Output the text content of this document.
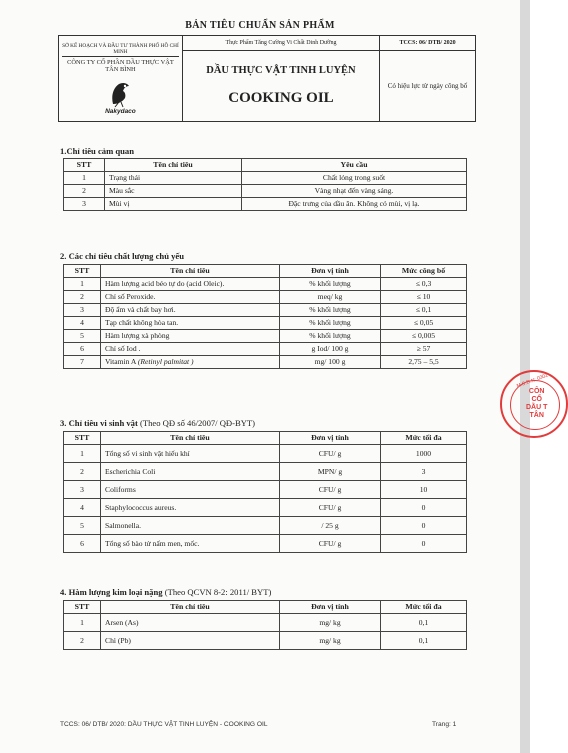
BẢN TIÊU CHUẨN SẢN PHẨM
SỞ KẾ HOẠCH VÀ ĐẦU TƯ THÀNH PHỐ HỒ CHÍ MINH
CÔNG TY CỔ PHẦN DẦU THỰC VẬT TÂN BÌNH
Nakydaco	Thực Phẩm Tăng Cường Vi Chất Dinh Dưỡng	TCCS: 06/ DTB/ 2020

	DẦU THỰC VẬT TINH LUYỆN
COOKING OIL	Có hiệu lực từ ngày công bố
1.Chỉ tiêu cảm quan
STT	Tên chỉ tiêu	Yêu cầu
1	Trạng thái	Chất lỏng trong suốt
2	Màu sắc	Vàng nhạt đến vàng sáng.
3	Mùi vị	Đặc trưng của dầu ăn. Không có mùi, vị lạ.
2. Các chỉ tiêu chất lượng chủ yếu
STT	Tên chỉ tiêu	Đơn vị tính	Mức công bố
1	Hàm lượng acid béo tự do (acid Oleic).	% khối lượng	≤ 0,3
2	Chỉ số Peroxide.	meq/ kg	≤ 10
3	Độ ẩm và chất bay hơi.	% khối lượng	≤ 0,1
4	Tạp chất không hòa tan.	% khối lượng	≤ 0,05
5	Hàm lượng xà phòng	% khối lượng	≤ 0,005
6	Chỉ số Iod .	g Iod/ 100 g	≥ 57
7	Vitamin A (Retinyl palmitat )	mg/ 100 g	2,75 – 5,5
3. Chỉ tiêu vi sinh vật (Theo QĐ số 46/2007/ QĐ-BYT)
STT	Tên chỉ tiêu	Đơn vị tính	Mức tối đa
1	Tổng số vi sinh vật hiếu khí	CFU/ g	1000
2	Escherichia Coli	MPN/ g	3
3	Coliforms	CFU/ g	10
4	Staphylococcus aureus.	CFU/ g	0
5	Salmonella.	/ 25 g	0
6	Tổng số bào tử nấm men, mốc.	CFU/ g	0
4. Hàm lượng kim loại nặng (Theo QCVN 8-2: 2011/ BYT)
STT	Tên chỉ tiêu	Đơn vị tính	Mức tối đa
1	Arsen (As)	mg/ kg	0,1
2	Chì (Pb)	mg/ kg	0,1
M.S.D.N: 0302
CÔN
CỔ
DẦU T
TÂN
TCCS: 06/ DTB/ 2020: DẦU THỰC VẬT TINH LUYỆN - COOKING OIL	Trang: 1
